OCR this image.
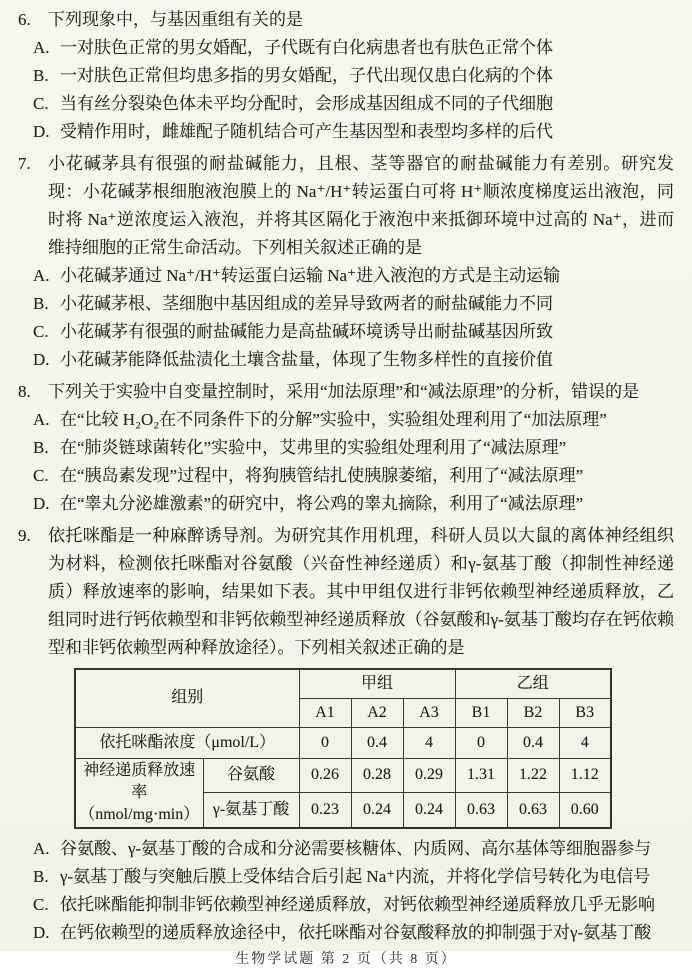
6.	下列现象中，与基因重组有关的是
A. 一对肤色正常的男女婚配，子代既有白化病患者也有肤色正常个体
B. 一对肤色正常但均患多指的男女婚配，子代出现仅患白化病的个体
C. 当有丝分裂染色体未平均分配时，会形成基因组成不同的子代细胞
D. 受精作用时，雌雄配子随机结合可产生基因型和表型均多样的后代
7.	小花碱茅具有很强的耐盐碱能力，且根、茎等器官的耐盐碱能力有差别。研究发现：小花碱茅根细胞液泡膜上的 Na⁺/H⁺转运蛋白可将 H⁺顺浓度梯度运出液泡，同时将 Na⁺逆浓度运入液泡，并将其区隔化于液泡中来抵御环境中过高的 Na⁺，进而维持细胞的正常生命活动。下列相关叙述正确的是
A. 小花碱茅通过 Na⁺/H⁺转运蛋白运输 Na⁺进入液泡的方式是主动运输
B. 小花碱茅根、茎细胞中基因组成的差异导致两者的耐盐碱能力不同
C. 小花碱茅有很强的耐盐碱能力是高盐碱环境诱导出耐盐碱基因所致
D. 小花碱茅能降低盐渍化土壤含盐量，体现了生物多样性的直接价值
8.	下列关于实验中自变量控制时，采用“加法原理”和“减法原理”的分析，错误的是
A. 在“比较 H₂O₂在不同条件下的分解”实验中，实验组处理利用了“加法原理”
B. 在“肺炎链球菌转化”实验中，艾弗里的实验组处理利用了“减法原理”
C. 在“胰岛素发现”过程中，将狗胰管结扎使胰腺萎缩，利用了“减法原理”
D. 在“睾丸分泌雄激素”的研究中，将公鸡的睾丸摘除，利用了“减法原理”
9.	依托咪酯是一种麻醉诱导剂。为研究其作用机理，科研人员以大鼠的离体神经组织为材料，检测依托咪酯对谷氨酸（兴奋性神经递质）和γ-氨基丁酸（抑制性神经递质）释放速率的影响，结果如下表。其中甲组仅进行非钙依赖型神经递质释放，乙组同时进行钙依赖型和非钙依赖型神经递质释放（谷氨酸和γ-氨基丁酸均存在钙依赖型和非钙依赖型两种释放途径）。下列相关叙述正确的是
组别		甲组			乙组		
		A1	A2	A3	B1	B2	B3
依托咪酯浓度（μmol/L）		0	0.4	4	0	0.4	4

神经递质释放速率
（nmol/mg·min）	谷氨酸	0.26	0.28	0.29	1.31	1.22	1.12
	γ-氨基丁酸	0.23	0.24	0.24	0.63	0.63	0.60
A. 谷氨酸、γ-氨基丁酸的合成和分泌需要核糖体、内质网、高尔基体等细胞器参与
B. γ-氨基丁酸与突触后膜上受体结合后引起 Na⁺内流，并将化学信号转化为电信号
C. 依托咪酯能抑制非钙依赖型神经递质释放，对钙依赖型神经递质释放几乎无影响
D. 在钙依赖型的递质释放途径中，依托咪酯对谷氨酸释放的抑制强于对γ-氨基丁酸
生物学试题 第 2 页（共 8 页）
